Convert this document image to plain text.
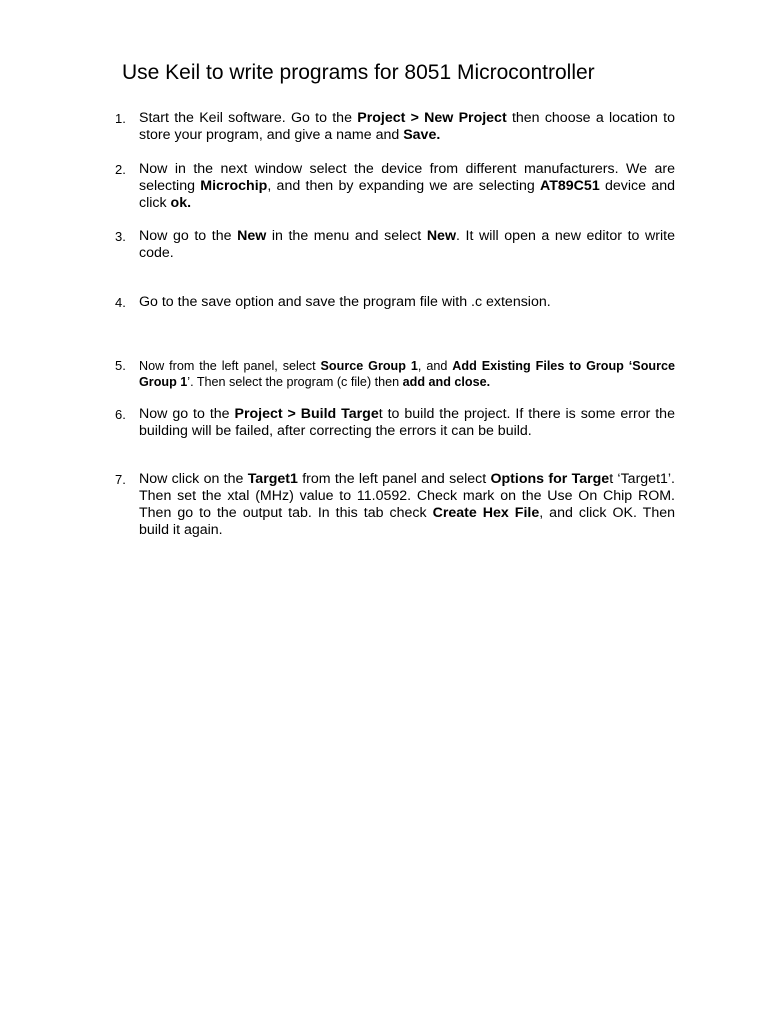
Use Keil to write programs for 8051 Microcontroller
1. Start the Keil software. Go to the Project > New Project then choose a location to store your program, and give a name and Save.
2. Now in the next window select the device from different manufacturers. We are selecting Microchip, and then by expanding we are selecting AT89C51 device and click ok.
3. Now go to the New in the menu and select New. It will open a new editor to write code.
4. Go to the save option and save the program file with .c extension.
5. Now from the left panel, select Source Group 1, and Add Existing Files to Group ‘Source Group 1’. Then select the program (c file) then add and close.
6. Now go to the Project > Build Target to build the project. If there is some error the building will be failed, after correcting the errors it can be build.
7. Now click on the Target1 from the left panel and select Options for Target ‘Target1’. Then set the xtal (MHz) value to 11.0592. Check mark on the Use On Chip ROM. Then go to the output tab. In this tab check Create Hex File, and click OK. Then build it again.
